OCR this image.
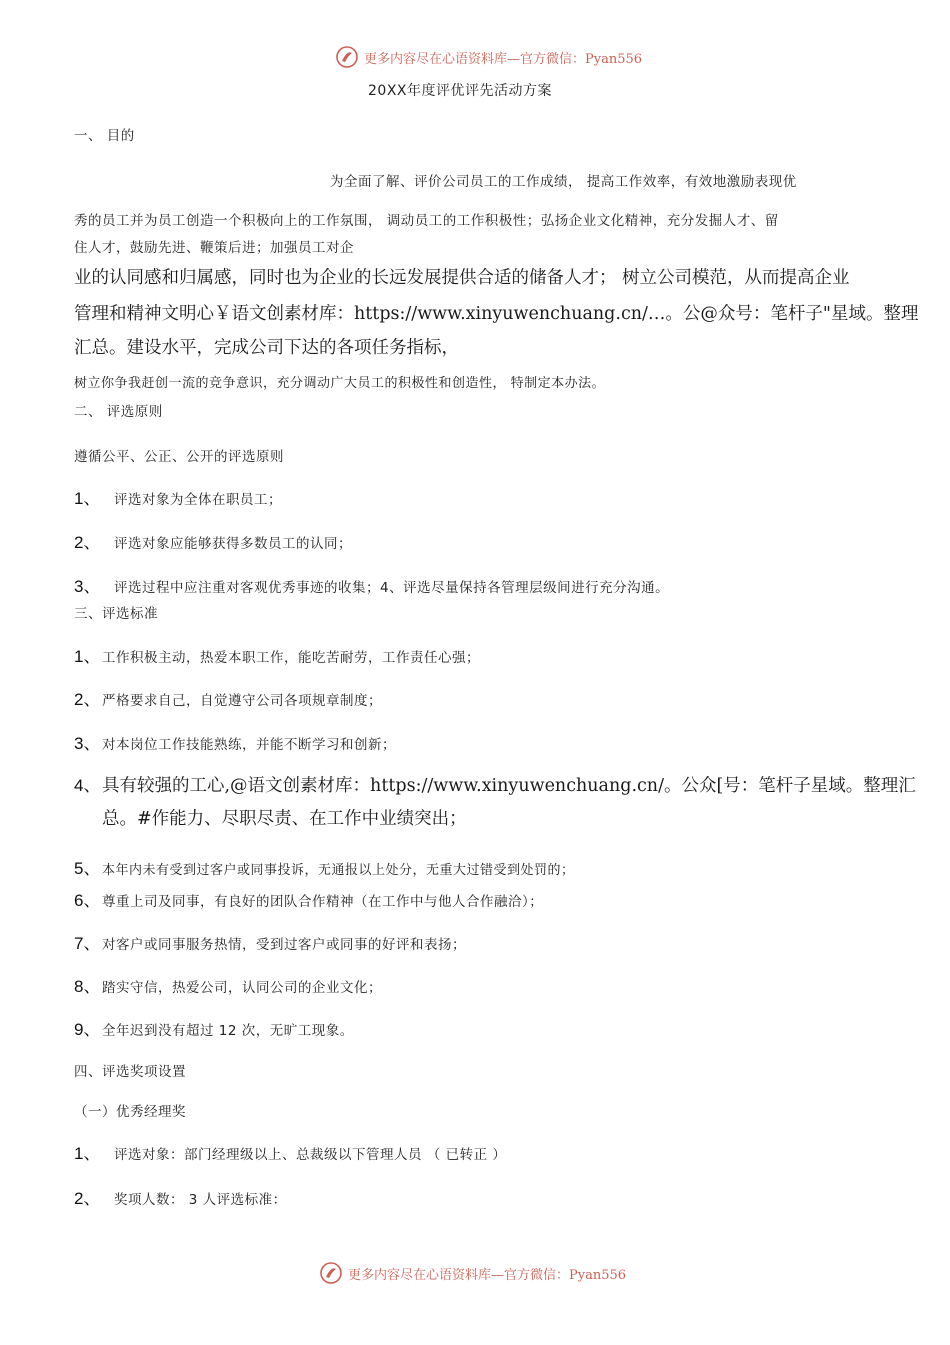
更多内容尽在心语资料库—官方微信：Pyan556
20XX年度评优评先活动方案
一、 目的
为全面了解、评价公司员工的工作成绩， 提高工作效率，有效地激励表现优
秀的员工并为员工创造一个积极向上的工作氛围， 调动员工的工作积极性；弘扬企业文化精神，充分发掘人才、留
住人才，鼓励先进、鞭策后进；加强员工对企
业的认同感和归属感，同时也为企业的长远发展提供合适的储备人才； 树立公司模范，从而提高企业
管理和精神文明心￥语文创素材库：https://www.xinyuwenchuang.cn/…。公@众号：笔杆子"星域。整理
汇总。建设水平，完成公司下达的各项任务指标，
树立你争我赶创一流的竞争意识，充分调动广大员工的积极性和创造性， 特制定本办法。
二、 评选原则
遵循公平、公正、公开的评选原则
1、	评选对象为全体在职员工；
2、	评选对象应能够获得多数员工的认同；
3、	评选过程中应注重对客观优秀事迹的收集；4、评选尽量保持各管理层级间进行充分沟通。
三、评选标准
1、 工作积极主动，热爱本职工作，能吃苦耐劳，工作责任心强；
2、 严格要求自己，自觉遵守公司各项规章制度；
3、 对本岗位工作技能熟练，并能不断学习和创新；
4、 具有较强的工心,@语文创素材库：https://www.xinyuwenchuang.cn/。公众[号：笔杆子星域。整理汇
总。#作能力、尽职尽责、在工作中业绩突出；
5、 本年内未有受到过客户或同事投诉，无通报以上处分，无重大过错受到处罚的；
6、 尊重上司及同事，有良好的团队合作精神（在工作中与他人合作融洽）；
7、 对客户或同事服务热情，受到过客户或同事的好评和表扬；
8、 踏实守信，热爱公司，认同公司的企业文化；
9、 全年迟到没有超过 12 次，无旷工现象。
四、评选奖项设置
（一）优秀经理奖
1、	评选对象：部门经理级以上、总裁级以下管理人员 （ 已转正 ）
2、	奖项人数： 3 人评选标准：
更多内容尽在心语资料库—官方微信：Pyan556
